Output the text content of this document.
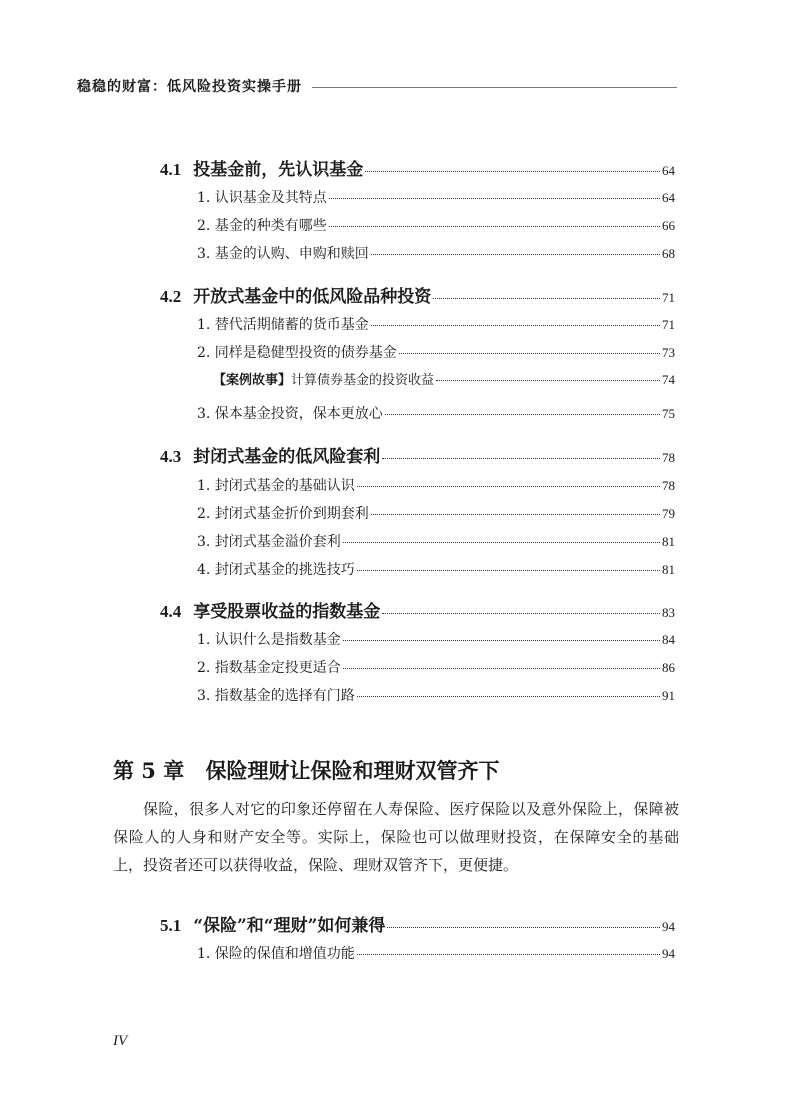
稳稳的财富：低风险投资实操手册
4.1 投基金前，先认识基金	64
1. 认识基金及其特点	64
2. 基金的种类有哪些	66
3. 基金的认购、申购和赎回	68
4.2 开放式基金中的低风险品种投资	71
1. 替代活期储蓄的货币基金	71
2. 同样是稳健型投资的债券基金	73
【案例故事】 计算债券基金的投资收益	74
3. 保本基金投资，保本更放心	75
4.3 封闭式基金的低风险套利	78
1. 封闭式基金的基础认识	78
2. 封闭式基金折价到期套利	79
3. 封闭式基金溢价套利	81
4. 封闭式基金的挑选技巧	81
4.4 享受股票收益的指数基金	83
1. 认识什么是指数基金	84
2. 指数基金定投更适合	86
3. 指数基金的选择有门路	91
第 5 章 保险理财让保险和理财双管齐下

保险，很多人对它的印象还停留在人寿保险、医疗保险以及意外保险上，保障被保险人的人身和财产安全等。实际上，保险也可以做理财投资，在保障安全的基础上，投资者还可以获得收益，保险、理财双管齐下，更便捷。

5.1 “保险”和“理财”如何兼得	94
1. 保险的保值和增值功能	94
IV
